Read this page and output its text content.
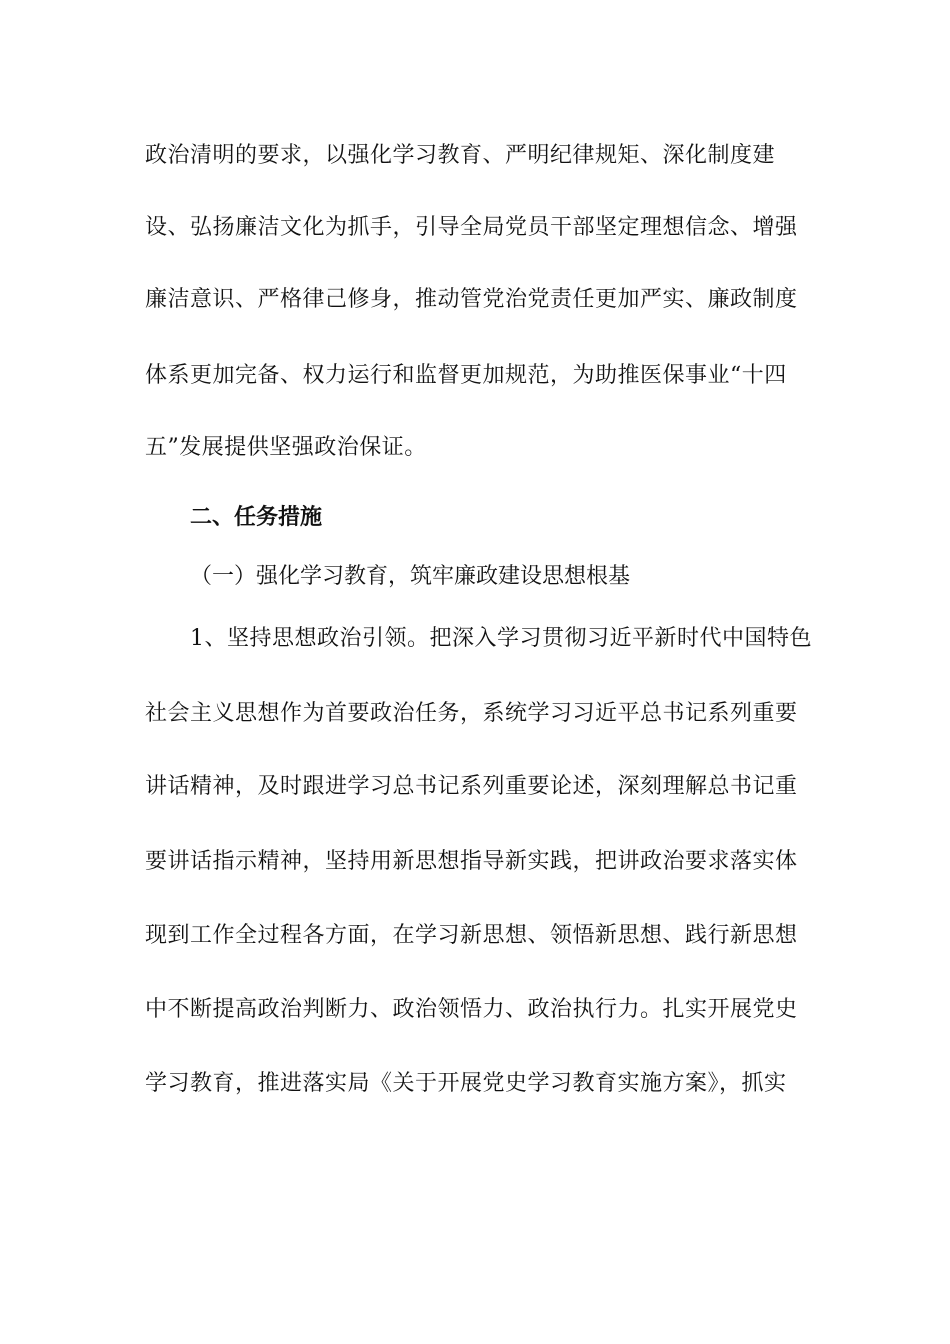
政治清明的要求，以强化学习教育、严明纪律规矩、深化制度建
设、弘扬廉洁文化为抓手，引导全局党员干部坚定理想信念、增强
廉洁意识、严格律己修身，推动管党治党责任更加严实、廉政制度
体系更加完备、权力运行和监督更加规范，为助推医保事业“十四
五”发展提供坚强政治保证。
二、任务措施
（一）强化学习教育，筑牢廉政建设思想根基
1、坚持思想政治引领。把深入学习贯彻习近平新时代中国特色
社会主义思想作为首要政治任务，系统学习习近平总书记系列重要
讲话精神，及时跟进学习总书记系列重要论述，深刻理解总书记重
要讲话指示精神，坚持用新思想指导新实践，把讲政治要求落实体
现到工作全过程各方面，在学习新思想、领悟新思想、践行新思想
中不断提高政治判断力、政治领悟力、政治执行力。扎实开展党史
学习教育，推进落实局《关于开展党史学习教育实施方案》，抓实
